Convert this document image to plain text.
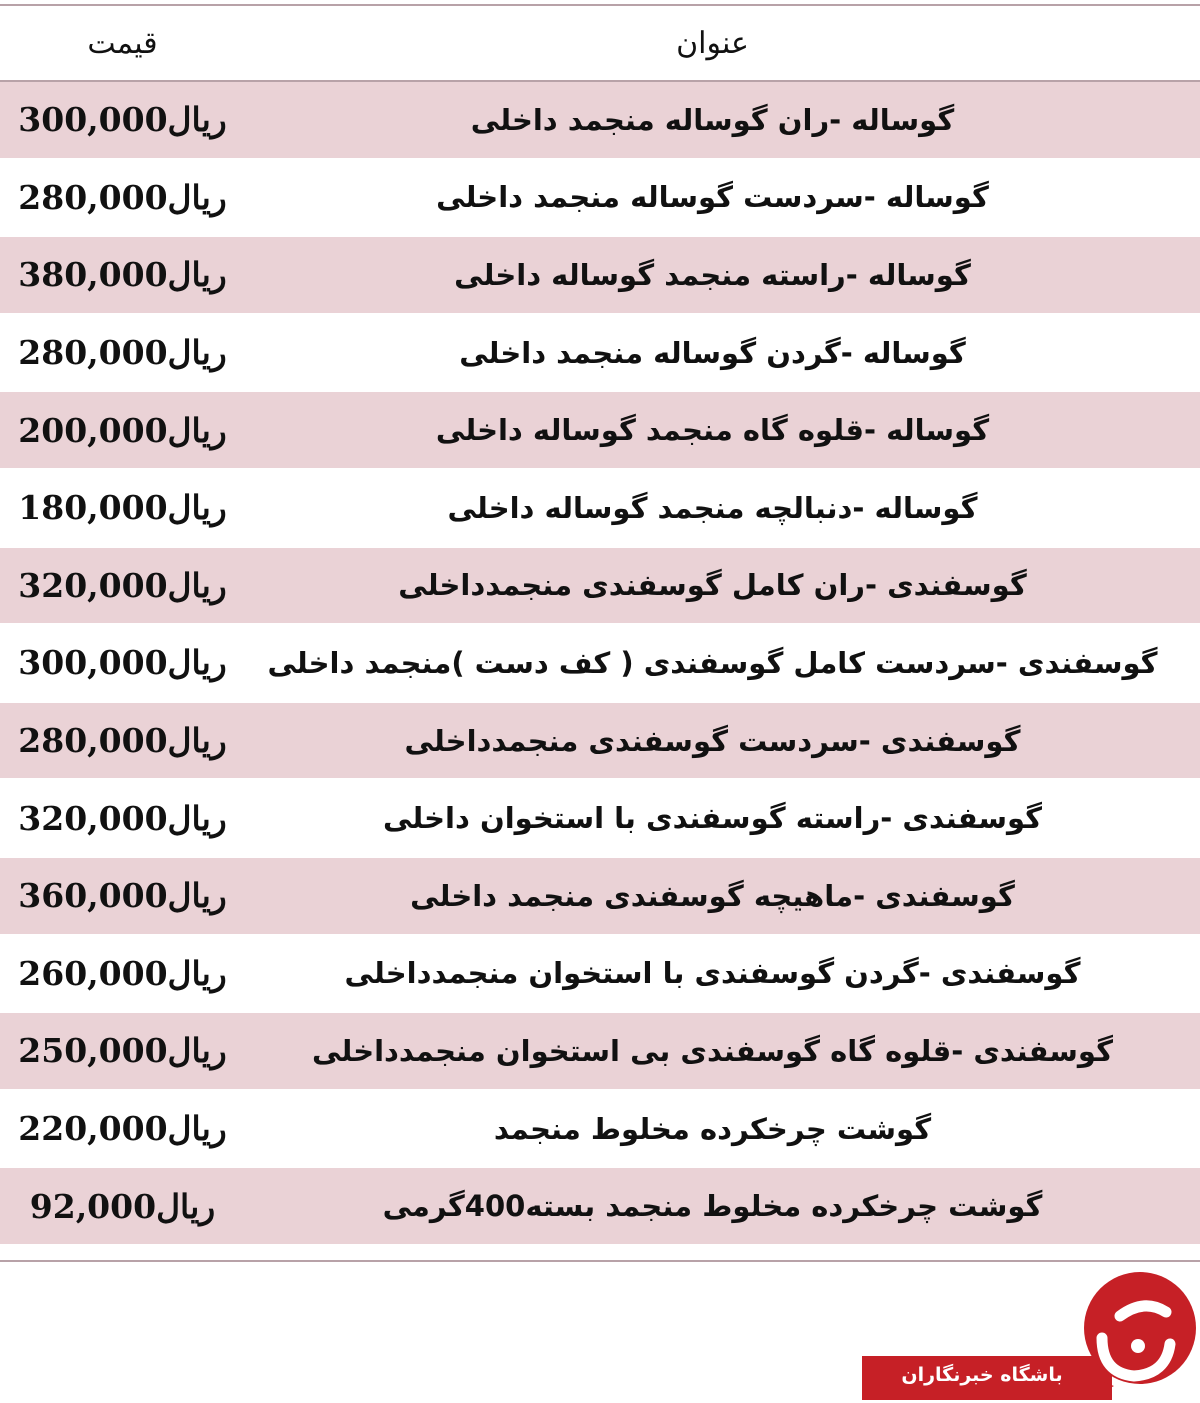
قیمت	عنوان
300,000ریال	گوساله -ران گوساله منجمد داخلی
280,000ریال	گوساله -سردست گوساله منجمد داخلی
380,000ریال	گوساله -راسته منجمد گوساله داخلی
280,000ریال	گوساله -گردن گوساله منجمد داخلی
200,000ریال	گوساله -قلوه گاه منجمد گوساله داخلی
180,000ریال	گوساله -دنبالچه منجمد گوساله داخلی
320,000ریال	گوسفندی -ران کامل گوسفندی منجمدداخلی
300,000ریال	گوسفندی -سردست کامل گوسفندی ( کف دست )منجمد داخلی
280,000ریال	گوسفندی -سردست گوسفندی منجمدداخلی
320,000ریال	گوسفندی -راسته گوسفندی با استخوان داخلی
360,000ریال	گوسفندی -ماهیچه گوسفندی منجمد داخلی
260,000ریال	گوسفندی -گردن گوسفندی با استخوان منجمدداخلی
250,000ریال	گوسفندی -قلوه گاه گوسفندی بی استخوان منجمدداخلی
220,000ریال	گوشت چرخکرده مخلوط منجمد
92,000ریال	گوشت چرخکرده مخلوط منجمد بسته400گرمی
باشگاه خبرنگاران
